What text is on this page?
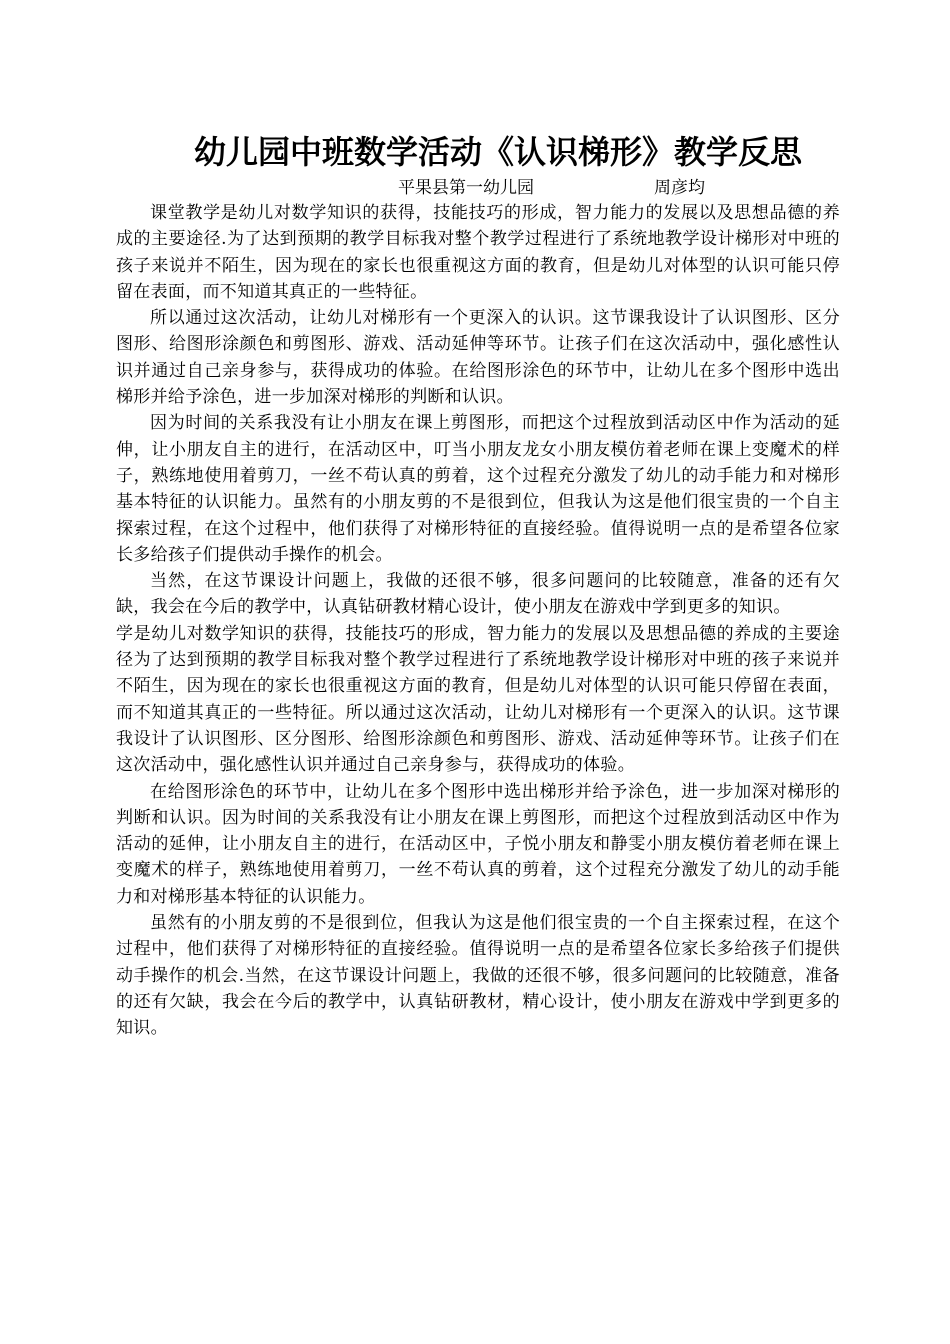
幼儿园中班数学活动《认识梯形》教学反思
平果县第一幼儿园	周彦均

课堂教学是幼儿对数学知识的获得，技能技巧的形成，智力能力的发展以及思想品德的养成的主要途径.为了达到预期的教学目标我对整个教学过程进行了系统地教学设计梯形对中班的孩子来说并不陌生，因为现在的家长也很重视这方面的教育，但是幼儿对体型的认识可能只停留在表面，而不知道其真正的一些特征。

所以通过这次活动，让幼儿对梯形有一个更深入的认识。这节课我设计了认识图形、区分图形、给图形涂颜色和剪图形、游戏、活动延伸等环节。让孩子们在这次活动中，强化感性认识并通过自己亲身参与，获得成功的体验。在给图形涂色的环节中，让幼儿在多个图形中选出梯形并给予涂色，进一步加深对梯形的判断和认识。

因为时间的关系我没有让小朋友在课上剪图形，而把这个过程放到活动区中作为活动的延伸，让小朋友自主的进行，在活动区中，叮当小朋友龙女小朋友模仿着老师在课上变魔术的样子，熟练地使用着剪刀，一丝不苟认真的剪着，这个过程充分激发了幼儿的动手能力和对梯形基本特征的认识能力。虽然有的小朋友剪的不是很到位，但我认为这是他们很宝贵的一个自主探索过程，在这个过程中，他们获得了对梯形特征的直接经验。值得说明一点的是希望各位家长多给孩子们提供动手操作的机会。

当然，在这节课设计问题上，我做的还很不够，很多问题问的比较随意，准备的还有欠缺，我会在今后的教学中，认真钻研教材精心设计，使小朋友在游戏中学到更多的知识。

学是幼儿对数学知识的获得，技能技巧的形成，智力能力的发展以及思想品德的养成的主要途径为了达到预期的教学目标我对整个教学过程进行了系统地教学设计梯形对中班的孩子来说并不陌生，因为现在的家长也很重视这方面的教育，但是幼儿对体型的认识可能只停留在表面，而不知道其真正的一些特征。所以通过这次活动，让幼儿对梯形有一个更深入的认识。这节课我设计了认识图形、区分图形、给图形涂颜色和剪图形、游戏、活动延伸等环节。让孩子们在这次活动中，强化感性认识并通过自己亲身参与，获得成功的体验。

在给图形涂色的环节中，让幼儿在多个图形中选出梯形并给予涂色，进一步加深对梯形的判断和认识。因为时间的关系我没有让小朋友在课上剪图形，而把这个过程放到活动区中作为活动的延伸，让小朋友自主的进行，在活动区中，子悦小朋友和静雯小朋友模仿着老师在课上变魔术的样子，熟练地使用着剪刀，一丝不苟认真的剪着，这个过程充分激发了幼儿的动手能力和对梯形基本特征的认识能力。

虽然有的小朋友剪的不是很到位，但我认为这是他们很宝贵的一个自主探索过程，在这个过程中，他们获得了对梯形特征的直接经验。值得说明一点的是希望各位家长多给孩子们提供动手操作的机会.当然，在这节课设计问题上，我做的还很不够，很多问题问的比较随意，准备的还有欠缺，我会在今后的教学中，认真钻研教材，精心设计，使小朋友在游戏中学到更多的知识。
